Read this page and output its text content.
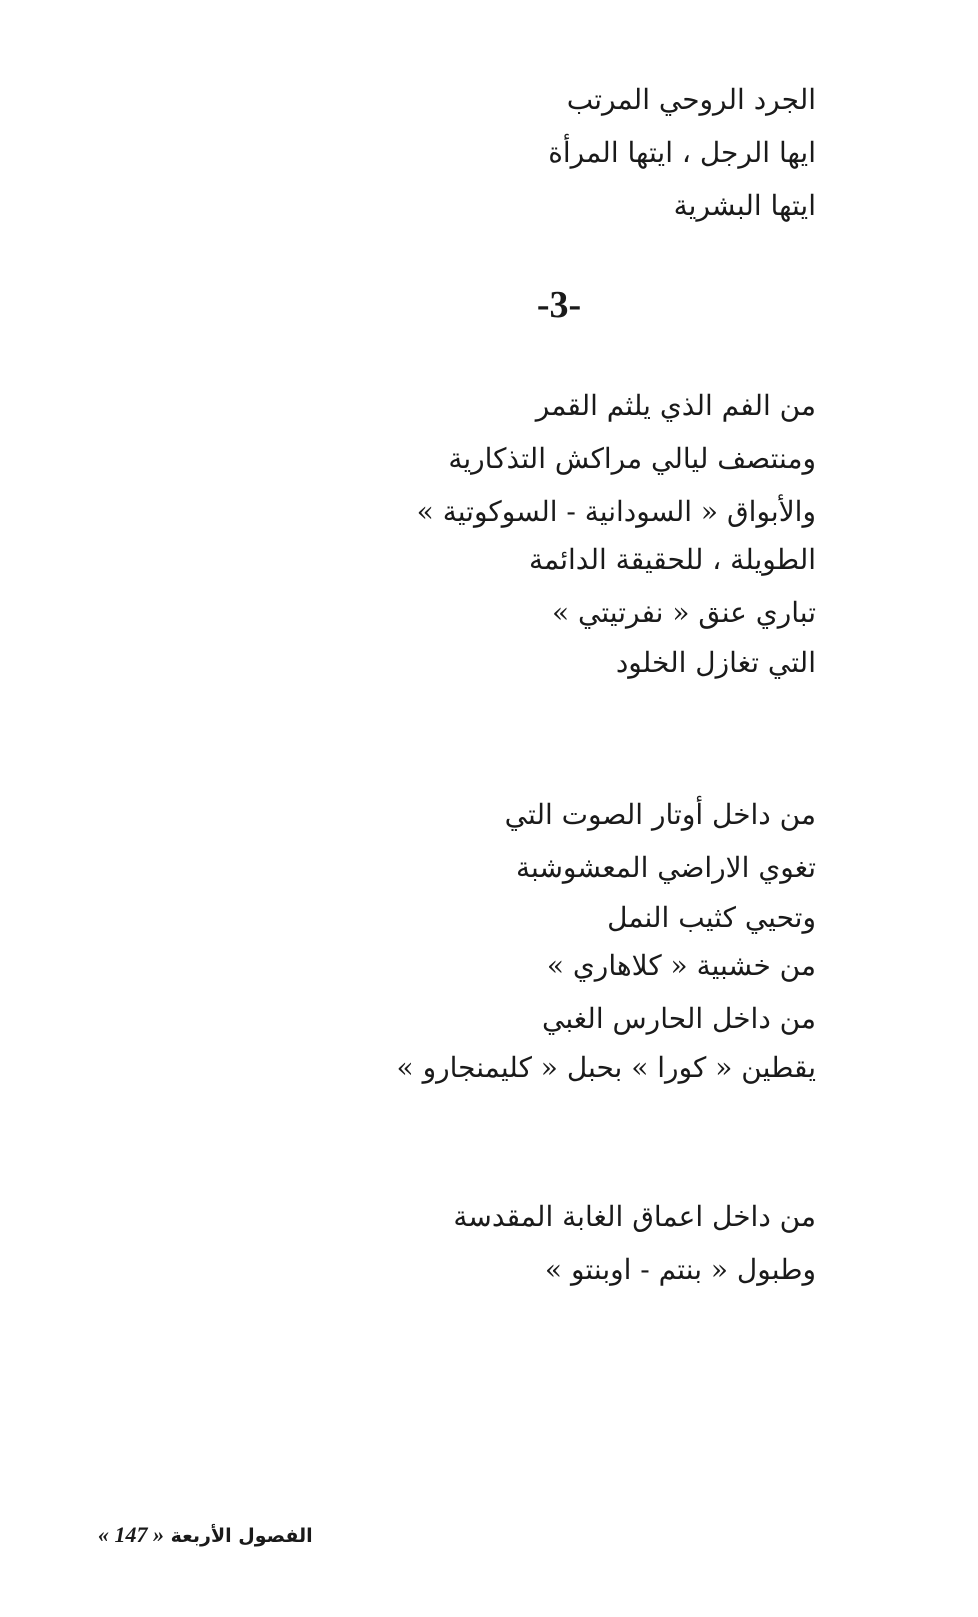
الجرد الروحي المرتب

ايها الرجل ، ايتها المرأة

ايتها البشرية

-3-

من الفم الذي يلثم القمر

ومنتصف ليالي مراكش التذكارية

والأبواق « السودانية - السوكوتية »

الطويلة ، للحقيقة الدائمة

تباري عنق « نفرتيتي »

التي تغازل الخلود

من داخل أوتار الصوت التي

تغوي الاراضي المعشوشبة

وتحيي كثيب النمل

من خشبية « كلاهاري »

من داخل الحارس الغبي

يقطين « كورا » بحبل « كليمنجارو »

من داخل اعماق الغابة المقدسة

وطبول « بنتم - اوبنتو »

الفصول الأربعة « 147 »
